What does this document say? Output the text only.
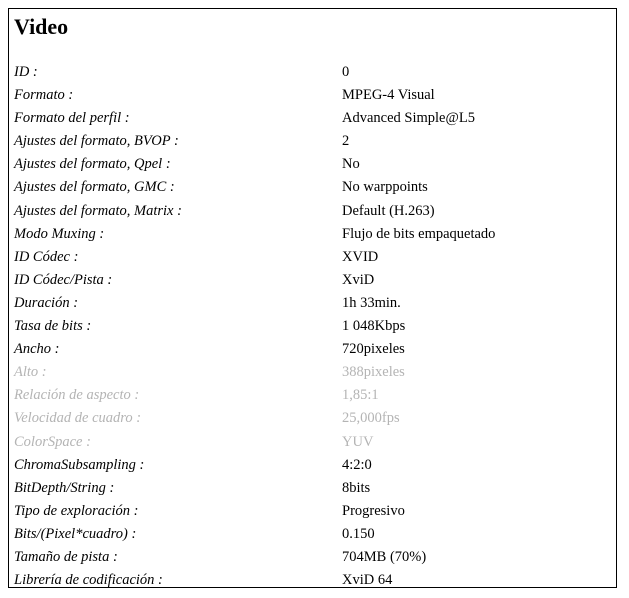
Video
ID :	0
Formato :	MPEG-4 Visual
Formato del perfil :	Advanced Simple@L5
Ajustes del formato, BVOP :	2
Ajustes del formato, Qpel :	No
Ajustes del formato, GMC :	No warppoints
Ajustes del formato, Matrix :	Default (H.263)
Modo Muxing :	Flujo de bits empaquetado
ID Códec :	XVID
ID Códec/Pista :	XviD
Duración :	1h 33min.
Tasa de bits :	1 048Kbps
Ancho :	720pixeles
Alto :	388pixeles
Relación de aspecto :	1,85:1
Velocidad de cuadro :	25,000fps
ColorSpace :	YUV
ChromaSubsampling :	4:2:0
BitDepth/String :	8bits
Tipo de exploración :	Progresivo
Bits/(Pixel*cuadro) :	0.150
Tamaño de pista :	704MB (70%)
Librería de codificación :	XviD 64
